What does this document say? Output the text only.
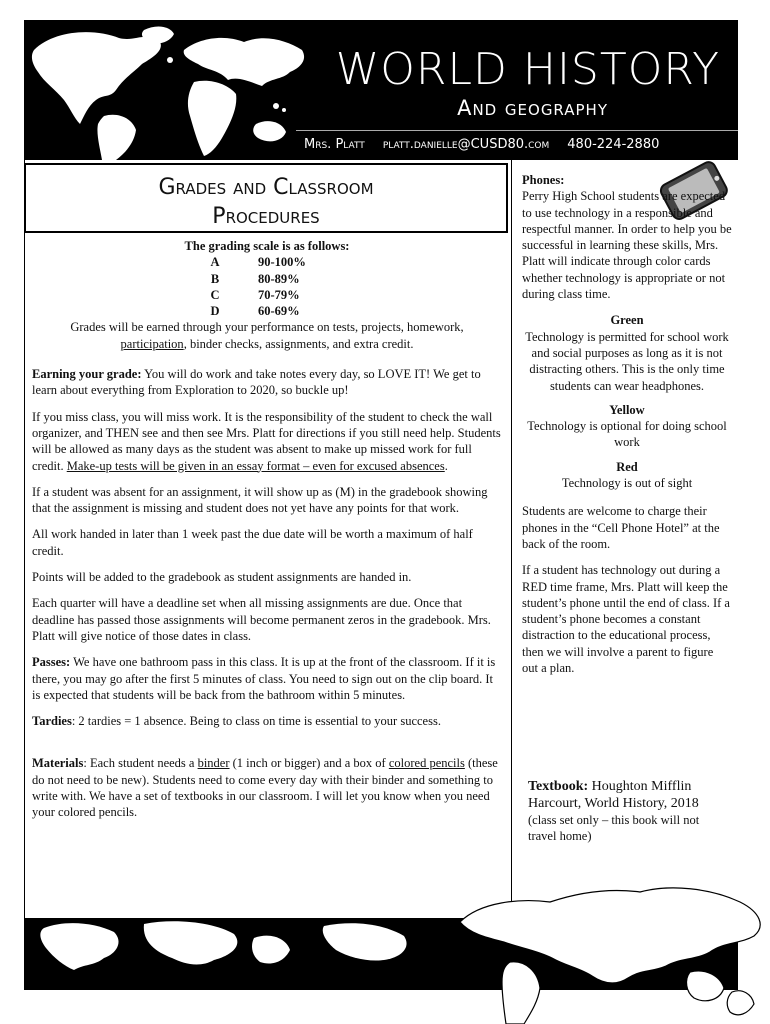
WORLD HISTORY
And geography
Mrs. Platt platt.danielle@CUSD80.com 480-224-2880
Grades and Classroom
Procedures
The grading scale is as follows:
A	90-100%
B	80-89%
C	70-79%
D	60-69%

Grades will be earned through your performance on tests, projects, homework,
participation, binder checks, assignments, and extra credit.

Earning your grade: You will do work and take notes every day, so LOVE IT! We get to learn about everything from Exploration to 2020, so buckle up!

If you miss class, you will miss work. It is the responsibility of the student to check the wall organizer, and THEN see and then see Mrs. Platt for directions if you still need help. Students will be allowed as many days as the student was absent to make up missed work for full credit. Make-up tests will be given in an essay format – even for excused absences.

If a student was absent for an assignment, it will show up as (M) in the gradebook showing that the assignment is missing and student does not yet have any points for that work.

All work handed in later than 1 week past the due date will be worth a maximum of half credit.

Points will be added to the gradebook as student assignments are handed in.

Each quarter will have a deadline set when all missing assignments are due. Once that deadline has passed those assignments will become permanent zeros in the gradebook. Mrs. Platt will give notice of those dates in class.

Passes: We have one bathroom pass in this class. It is up at the front of the classroom. If it is there, you may go after the first 5 minutes of class. You need to sign out on the clip board. It is expected that students will be back from the bathroom within 5 minutes.

Tardies: 2 tardies = 1 absence. Being to class on time is essential to your success.

Materials: Each student needs a binder (1 inch or bigger) and a box of colored pencils (these do not need to be new). Students need to come every day with their binder and something to write with. We have a set of textbooks in our classroom. I will let you know when you need your colored pencils.

Phones:

Perry High School students are expected to use technology in a responsible and respectful manner. In order to help you be successful in learning these skills, Mrs. Platt will indicate through color cards whether technology is appropriate or not during class time.

Green
Technology is permitted for school work and social purposes as long as it is not distracting others. This is the only time students can wear headphones.
Yellow
Technology is optional for doing school work
Red
Technology is out of sight

Students are welcome to charge their phones in the “Cell Phone Hotel” at the back of the room.

If a student has technology out during a RED time frame, Mrs. Platt will keep the student’s phone until the end of class. If a student’s phone becomes a constant distraction to the educational process, then we will involve a parent to figure out a plan.

Textbook: Houghton Mifflin Harcourt, World History, 2018
(class set only – this book will not travel home)
